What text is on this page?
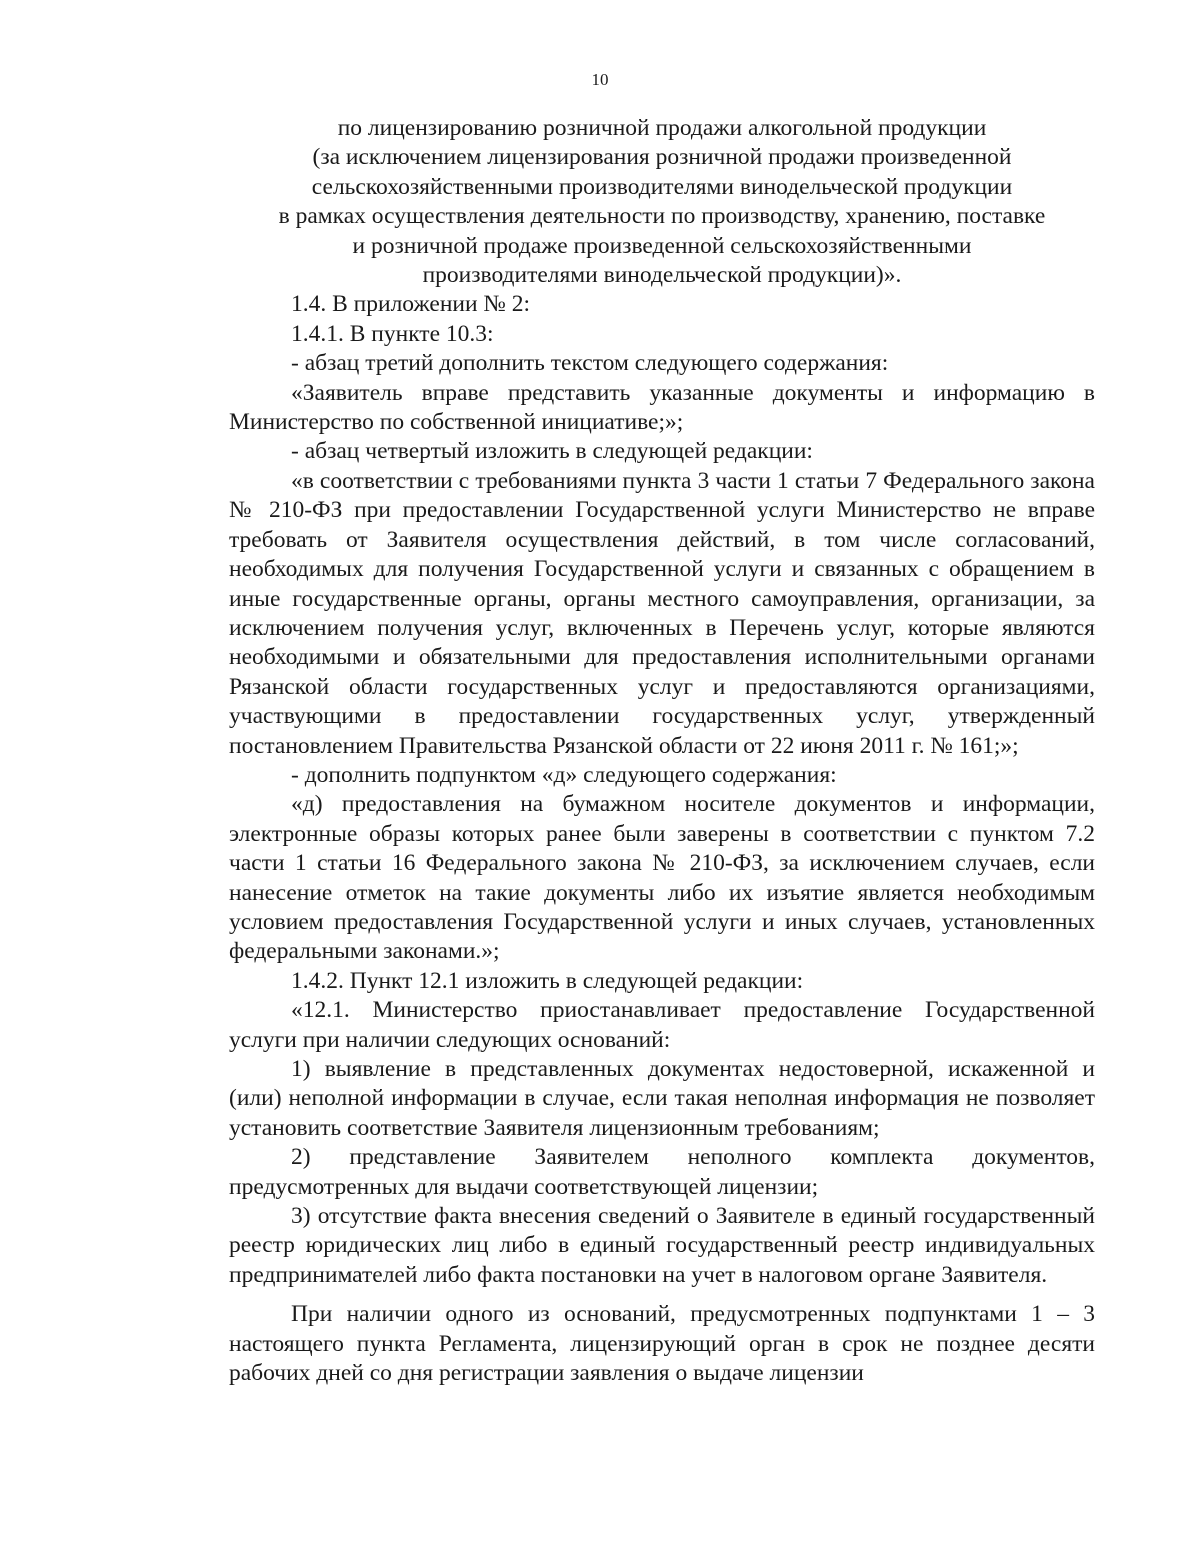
10
по лицензированию розничной продажи алкогольной продукции
(за исключением лицензирования розничной продажи произведенной
сельскохозяйственными производителями винодельческой продукции
в рамках осуществления деятельности по производству, хранению, поставке
и розничной продаже произведенной сельскохозяйственными
производителями винодельческой продукции)».

1.4. В приложении № 2:

1.4.1. В пункте 10.3:

- абзац третий дополнить текстом следующего содержания:

«Заявитель вправе представить указанные документы и информацию в Министерство по собственной инициативе;»;

- абзац четвертый изложить в следующей редакции:

«в соответствии с требованиями пункта 3 части 1 статьи 7 Федерального закона № 210-ФЗ при предоставлении Государственной услуги Министерство не вправе требовать от Заявителя осуществления действий, в том числе согласований, необходимых для получения Государственной услуги и связанных с обращением в иные государственные органы, органы местного самоуправления, организации, за исключением получения услуг, включенных в Перечень услуг, которые являются необходимыми и обязательными для предоставления исполнительными органами Рязанской области государственных услуг и предоставляются организациями, участвующими в предоставлении государственных услуг, утвержденный постановлением Правительства Рязанской области от 22 июня 2011 г. № 161;»;

- дополнить подпунктом «д» следующего содержания:

«д) предоставления на бумажном носителе документов и информации, электронные образы которых ранее были заверены в соответствии с пунктом 7.2 части 1 статьи 16 Федерального закона № 210-ФЗ, за исключением случаев, если нанесение отметок на такие документы либо их изъятие является необходимым условием предоставления Государственной услуги и иных случаев, установленных федеральными законами.»;

1.4.2. Пункт 12.1 изложить в следующей редакции:

«12.1. Министерство приостанавливает предоставление Государственной услуги при наличии следующих оснований:

1) выявление в представленных документах недостоверной, искаженной и (или) неполной информации в случае, если такая неполная информация не позволяет установить соответствие Заявителя лицензионным требованиям;

2) представление Заявителем неполного комплекта документов, предусмотренных для выдачи соответствующей лицензии;

3) отсутствие факта внесения сведений о Заявителе в единый государственный реестр юридических лиц либо в единый государственный реестр индивидуальных предпринимателей либо факта постановки на учет в налоговом органе Заявителя.

При наличии одного из оснований, предусмотренных подпунктами 1 – 3 настоящего пункта Регламента, лицензирующий орган в срок не позднее десяти рабочих дней со дня регистрации заявления о выдаче лицензии
